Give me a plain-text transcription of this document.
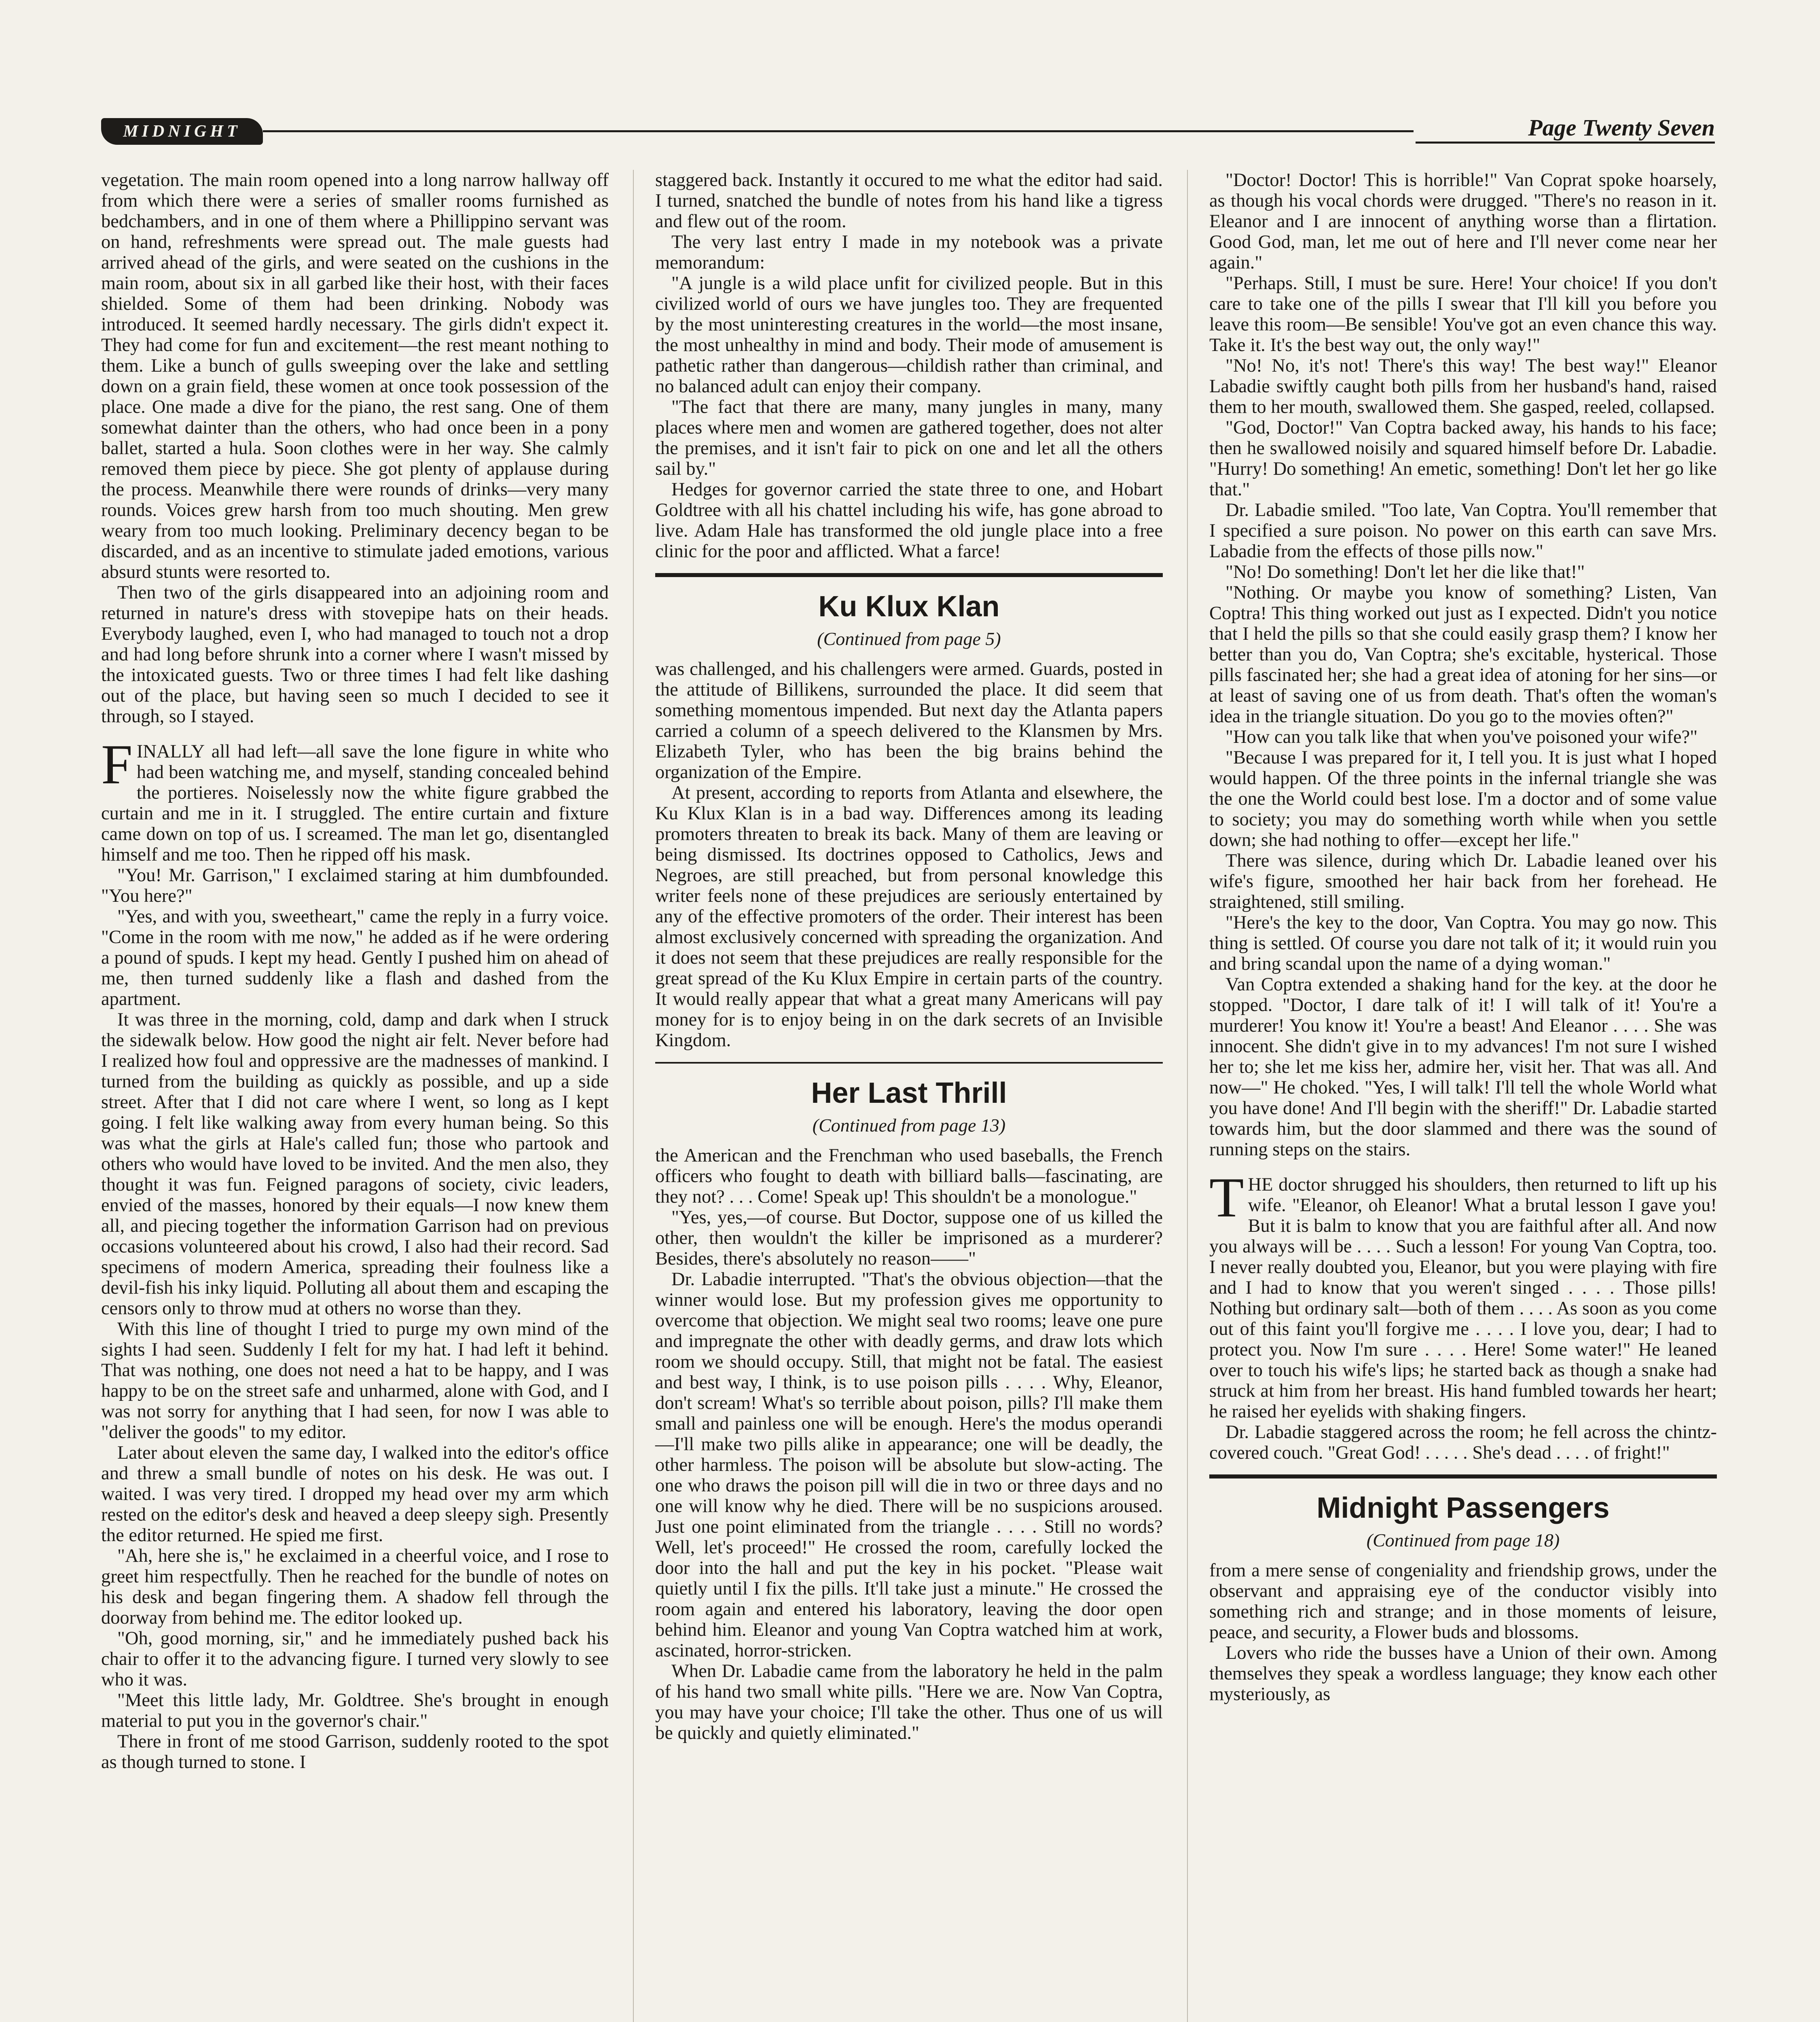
MIDNIGHT	Page Twenty Seven

vegetation. The main room opened into a long narrow hallway off from which there were a series of smaller rooms furnished as bedchambers, and in one of them where a Phillippino servant was on hand, refreshments were spread out. The male guests had arrived ahead of the girls, and were seated on the cushions in the main room, about six in all garbed like their host, with their faces shielded. Some of them had been drinking. Nobody was introduced. It seemed hardly necessary. The girls didn't expect it. They had come for fun and excitement—the rest meant nothing to them. Like a bunch of gulls sweeping over the lake and settling down on a grain field, these women at once took possession of the place. One made a dive for the piano, the rest sang. One of them somewhat dainter than the others, who had once been in a pony ballet, started a hula. Soon clothes were in her way. She calmly removed them piece by piece. She got plenty of applause during the process. Meanwhile there were rounds of drinks—very many rounds. Voices grew harsh from too much shouting. Men grew weary from too much looking. Preliminary decency began to be discarded, and as an incentive to stimulate jaded emotions, various absurd stunts were resorted to.

Then two of the girls disappeared into an adjoining room and returned in nature's dress with stovepipe hats on their heads. Everybody laughed, even I, who had managed to touch not a drop and had long before shrunk into a corner where I wasn't missed by the intoxicated guests. Two or three times I had felt like dashing out of the place, but having seen so much I decided to see it through, so I stayed.

FINALLY all had left—all save the lone figure in white who had been watching me, and myself, standing concealed behind the portieres. Noiselessly now the white figure grabbed the curtain and me in it. I struggled. The entire curtain and fixture came down on top of us. I screamed. The man let go, disentangled himself and me too. Then he ripped off his mask.

"You! Mr. Garrison," I exclaimed staring at him dumbfounded. "You here?"

"Yes, and with you, sweetheart," came the reply in a furry voice. "Come in the room with me now," he added as if he were ordering a pound of spuds. I kept my head. Gently I pushed him on ahead of me, then turned suddenly like a flash and dashed from the apartment.

It was three in the morning, cold, damp and dark when I struck the sidewalk below. How good the night air felt. Never before had I realized how foul and oppressive are the madnesses of mankind. I turned from the building as quickly as possible, and up a side street. After that I did not care where I went, so long as I kept going. I felt like walking away from every human being. So this was what the girls at Hale's called fun; those who partook and others who would have loved to be invited. And the men also, they thought it was fun. Feigned paragons of society, civic leaders, envied of the masses, honored by their equals—I now knew them all, and piecing together the information Garrison had on previous occasions volunteered about his crowd, I also had their record. Sad specimens of modern America, spreading their foulness like a devil-fish his inky liquid. Polluting all about them and escaping the censors only to throw mud at others no worse than they.

With this line of thought I tried to purge my own mind of the sights I had seen. Suddenly I felt for my hat. I had left it behind. That was nothing, one does not need a hat to be happy, and I was happy to be on the street safe and unharmed, alone with God, and I was not sorry for anything that I had seen, for now I was able to "deliver the goods" to my editor.

Later about eleven the same day, I walked into the editor's office and threw a small bundle of notes on his desk. He was out. I waited. I was very tired. I dropped my head over my arm which rested on the editor's desk and heaved a deep sleepy sigh. Presently the editor returned. He spied me first.

"Ah, here she is," he exclaimed in a cheerful voice, and I rose to greet him respectfully. Then he reached for the bundle of notes on his desk and began fingering them. A shadow fell through the doorway from behind me. The editor looked up.

"Oh, good morning, sir," and he immediately pushed back his chair to offer it to the advancing figure. I turned very slowly to see who it was.

"Meet this little lady, Mr. Goldtree. She's brought in enough material to put you in the governor's chair."

There in front of me stood Garrison, suddenly rooted to the spot as though turned to stone. I

staggered back. Instantly it occured to me what the editor had said. I turned, snatched the bundle of notes from his hand like a tigress and flew out of the room.

The very last entry I made in my notebook was a private memorandum:

"A jungle is a wild place unfit for civilized people. But in this civilized world of ours we have jungles too. They are frequented by the most uninteresting creatures in the world—the most insane, the most unhealthy in mind and body. Their mode of amusement is pathetic rather than dangerous—childish rather than criminal, and no balanced adult can enjoy their company.

"The fact that there are many, many jungles in many, many places where men and women are gathered together, does not alter the premises, and it isn't fair to pick on one and let all the others sail by."

Hedges for governor carried the state three to one, and Hobart Goldtree with all his chattel including his wife, has gone abroad to live. Adam Hale has transformed the old jungle place into a free clinic for the poor and afflicted. What a farce!

Ku Klux Klan
(Continued from page 5)

was challenged, and his challengers were armed. Guards, posted in the attitude of Billikens, surrounded the place. It did seem that something momentous impended. But next day the Atlanta papers carried a column of a speech delivered to the Klansmen by Mrs. Elizabeth Tyler, who has been the big brains behind the organization of the Empire.

At present, according to reports from Atlanta and elsewhere, the Ku Klux Klan is in a bad way. Differences among its leading promoters threaten to break its back. Many of them are leaving or being dismissed. Its doctrines opposed to Catholics, Jews and Negroes, are still preached, but from personal knowledge this writer feels none of these prejudices are seriously entertained by any of the effective promoters of the order. Their interest has been almost exclusively concerned with spreading the organization. And it does not seem that these prejudices are really responsible for the great spread of the Ku Klux Empire in certain parts of the country. It would really appear that what a great many Americans will pay money for is to enjoy being in on the dark secrets of an Invisible Kingdom.

Her Last Thrill
(Continued from page 13)

the American and the Frenchman who used baseballs, the French officers who fought to death with billiard balls—fascinating, are they not? . . . Come! Speak up! This shouldn't be a monologue."

"Yes, yes,—of course. But Doctor, suppose one of us killed the other, then wouldn't the killer be imprisoned as a murderer? Besides, there's absolutely no reason——"

Dr. Labadie interrupted. "That's the obvious objection—that the winner would lose. But my profession gives me opportunity to overcome that objection. We might seal two rooms; leave one pure and impregnate the other with deadly germs, and draw lots which room we should occupy. Still, that might not be fatal. The easiest and best way, I think, is to use poison pills . . . . Why, Eleanor, don't scream! What's so terrible about poison, pills? I'll make them small and painless one will be enough. Here's the modus operandi—I'll make two pills alike in appearance; one will be deadly, the other harmless. The poison will be absolute but slow-acting. The one who draws the poison pill will die in two or three days and no one will know why he died. There will be no suspicions aroused. Just one point eliminated from the triangle . . . . Still no words? Well, let's proceed!" He crossed the room, carefully locked the door into the hall and put the key in his pocket. "Please wait quietly until I fix the pills. It'll take just a minute." He crossed the room again and entered his laboratory, leaving the door open behind him. Eleanor and young Van Coptra watched him at work, ascinated, horror-stricken.

When Dr. Labadie came from the laboratory he held in the palm of his hand two small white pills. "Here we are. Now Van Coptra, you may have your choice; I'll take the other. Thus one of us will be quickly and quietly eliminated."

"Doctor! Doctor! This is horrible!" Van Coprat spoke hoarsely, as though his vocal chords were drugged. "There's no reason in it. Eleanor and I are innocent of anything worse than a flirtation. Good God, man, let me out of here and I'll never come near her again."

"Perhaps. Still, I must be sure. Here! Your choice! If you don't care to take one of the pills I swear that I'll kill you before you leave this room—Be sensible! You've got an even chance this way. Take it. It's the best way out, the only way!"

"No! No, it's not! There's this way! The best way!" Eleanor Labadie swiftly caught both pills from her husband's hand, raised them to her mouth, swallowed them. She gasped, reeled, collapsed.

"God, Doctor!" Van Coptra backed away, his hands to his face; then he swallowed noisily and squared himself before Dr. Labadie. "Hurry! Do something! An emetic, something! Don't let her go like that."

Dr. Labadie smiled. "Too late, Van Coptra. You'll remember that I specified a sure poison. No power on this earth can save Mrs. Labadie from the effects of those pills now."

"No! Do something! Don't let her die like that!"

"Nothing. Or maybe you know of something? Listen, Van Coptra! This thing worked out just as I expected. Didn't you notice that I held the pills so that she could easily grasp them? I know her better than you do, Van Coptra; she's excitable, hysterical. Those pills fascinated her; she had a great idea of atoning for her sins—or at least of saving one of us from death. That's often the woman's idea in the triangle situation. Do you go to the movies often?"

"How can you talk like that when you've poisoned your wife?"

"Because I was prepared for it, I tell you. It is just what I hoped would happen. Of the three points in the infernal triangle she was the one the World could best lose. I'm a doctor and of some value to society; you may do something worth while when you settle down; she had nothing to offer—except her life."

There was silence, during which Dr. Labadie leaned over his wife's figure, smoothed her hair back from her forehead. He straightened, still smiling.

"Here's the key to the door, Van Coptra. You may go now. This thing is settled. Of course you dare not talk of it; it would ruin you and bring scandal upon the name of a dying woman."

Van Coptra extended a shaking hand for the key. at the door he stopped. "Doctor, I dare talk of it! I will talk of it! You're a murderer! You know it! You're a beast! And Eleanor . . . . She was innocent. She didn't give in to my advances! I'm not sure I wished her to; she let me kiss her, admire her, visit her. That was all. And now—" He choked. "Yes, I will talk! I'll tell the whole World what you have done! And I'll begin with the sheriff!" Dr. Labadie started towards him, but the door slammed and there was the sound of running steps on the stairs.

THE doctor shrugged his shoulders, then returned to lift up his wife. "Eleanor, oh Eleanor! What a brutal lesson I gave you! But it is balm to know that you are faithful after all. And now you always will be . . . . Such a lesson! For young Van Coptra, too. I never really doubted you, Eleanor, but you were playing with fire and I had to know that you weren't singed . . . . Those pills! Nothing but ordinary salt—both of them . . . . As soon as you come out of this faint you'll forgive me . . . . I love you, dear; I had to protect you. Now I'm sure . . . . Here! Some water!" He leaned over to touch his wife's lips; he started back as though a snake had struck at him from her breast. His hand fumbled towards her heart; he raised her eyelids with shaking fingers.

Dr. Labadie staggered across the room; he fell across the chintz-covered couch. "Great God! . . . . . She's dead . . . . of fright!"

Midnight Passengers
(Continued from page 18)

from a mere sense of congeniality and friendship grows, under the observant and appraising eye of the conductor visibly into something rich and strange; and in those moments of leisure, peace, and security, a Flower buds and blossoms.

Lovers who ride the busses have a Union of their own. Among themselves they speak a wordless language; they know each other mysteriously, as
